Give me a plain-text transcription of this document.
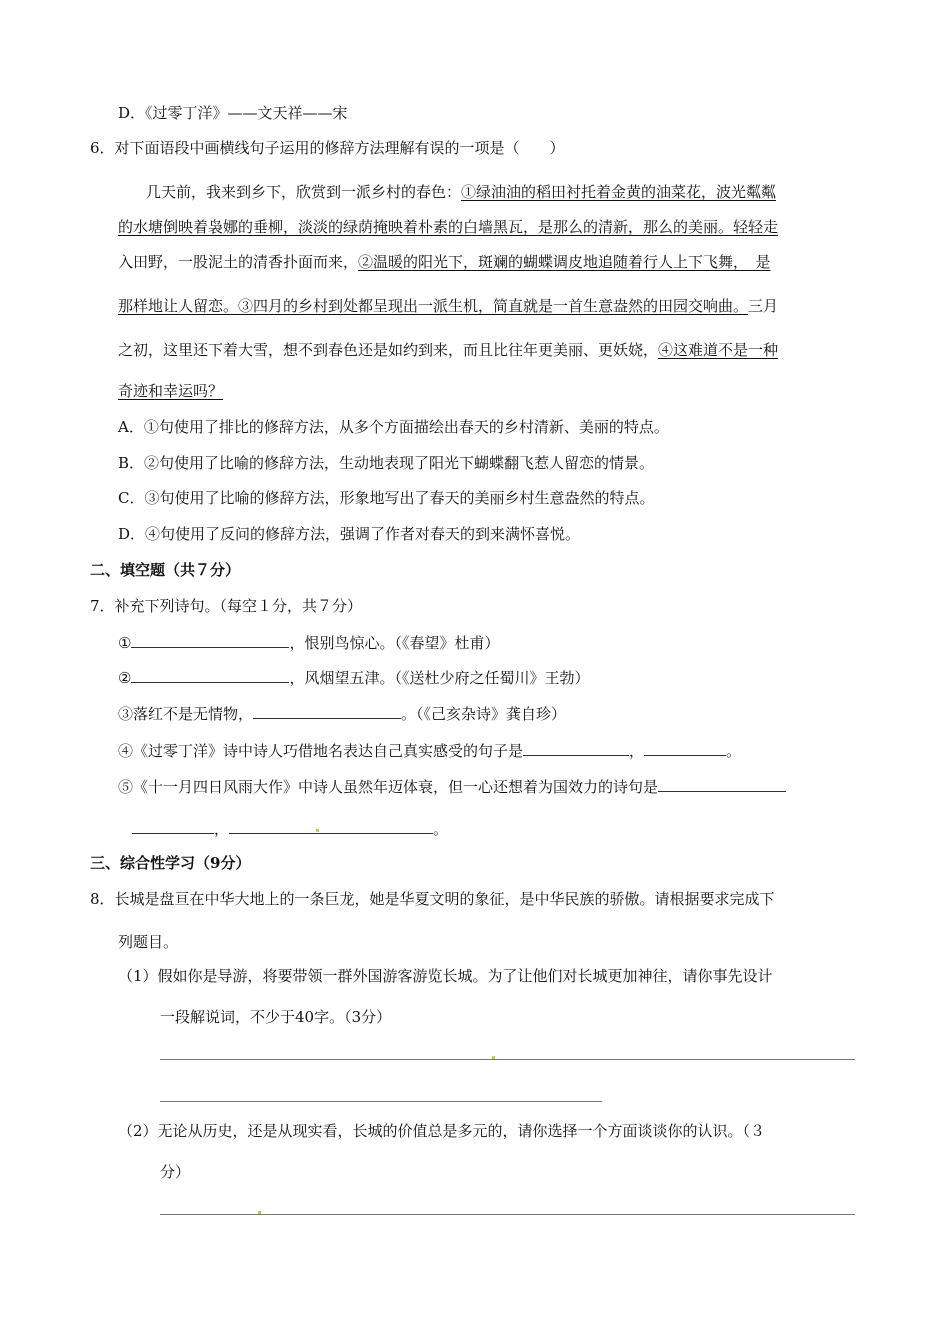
D．《过零丁洋》——文天祥——宋
6．对下面语段中画横线句子运用的修辞方法理解有误的一项是（　　）
几天前，我来到乡下，欣赏到一派乡村的春色：①绿油油的稻田衬托着金黄的油菜花，波光粼粼
的水塘倒映着袅娜的垂柳，淡淡的绿荫掩映着朴素的白墙黑瓦，是那么的清新，那么的美丽。轻轻走
入田野，一股泥土的清香扑面而来，②温暖的阳光下，斑斓的蝴蝶调皮地追随着行人上下飞舞，　是
那样地让人留恋。③四月的乡村到处都呈现出一派生机，简直就是一首生意盎然的田园交响曲。三月
之初，这里还下着大雪，想不到春色还是如约到来，而且比往年更美丽、更妖娆，④这难道不是一种
奇迹和幸运吗？
A．①句使用了排比的修辞方法，从多个方面描绘出春天的乡村清新、美丽的特点。
B．②句使用了比喻的修辞方法，生动地表现了阳光下蝴蝶翻飞惹人留恋的情景。
C．③句使用了比喻的修辞方法，形象地写出了春天的美丽乡村生意盎然的特点。
D．④句使用了反问的修辞方法，强调了作者对春天的到来满怀喜悦。
二、填空题（共７分）
7．补充下列诗句。（每空１分，共７分）
①	，恨别鸟惊心。（《春望》杜甫）
②	，风烟望五津。（《送杜少府之任蜀川》王勃）
③落红不是无情物，	。（《己亥杂诗》龚自珍）
④《过零丁洋》诗中诗人巧借地名表达自己真实感受的句子是	，	。
⑤《十一月四日风雨大作》中诗人虽然年迈体衰，但一心还想着为国效力的诗句是
，	。
三、综合性学习（9分）
8．长城是盘亘在中华大地上的一条巨龙，她是华夏文明的象征，是中华民族的骄傲。请根据要求完成下
列题目。
（1）假如你是导游，将要带领一群外国游客游览长城。为了让他们对长城更加神往，请你事先设计
一段解说词，不少于40字。（3分）
（2）无论从历史，还是从现实看，长城的价值总是多元的，请你选择一个方面谈谈你的认识。（３
分）
